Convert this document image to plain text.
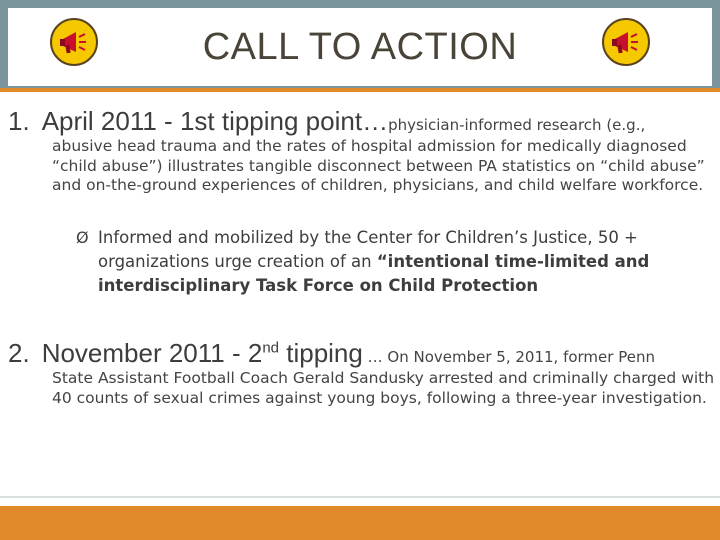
CALL TO ACTION
1. April 2011 - 1st tipping point…physician-informed research (e.g.,
abusive head trauma and the rates of hospital admission for medically diagnosed “child abuse”) illustrates tangible disconnect between PA statistics on “child abuse” and on-the-ground experiences of children, physicians, and child welfare workforce.
Ø Informed and mobilized by the Center for Children’s Justice, 50 + organizations urge creation of an “intentional time-limited and interdisciplinary Task Force on Child Protection
2. November 2011 - 2nd tipping … On November 5, 2011, former Penn
State Assistant Football Coach Gerald Sandusky arrested and criminally charged with 40 counts of sexual crimes against young boys, following a three-year investigation.
